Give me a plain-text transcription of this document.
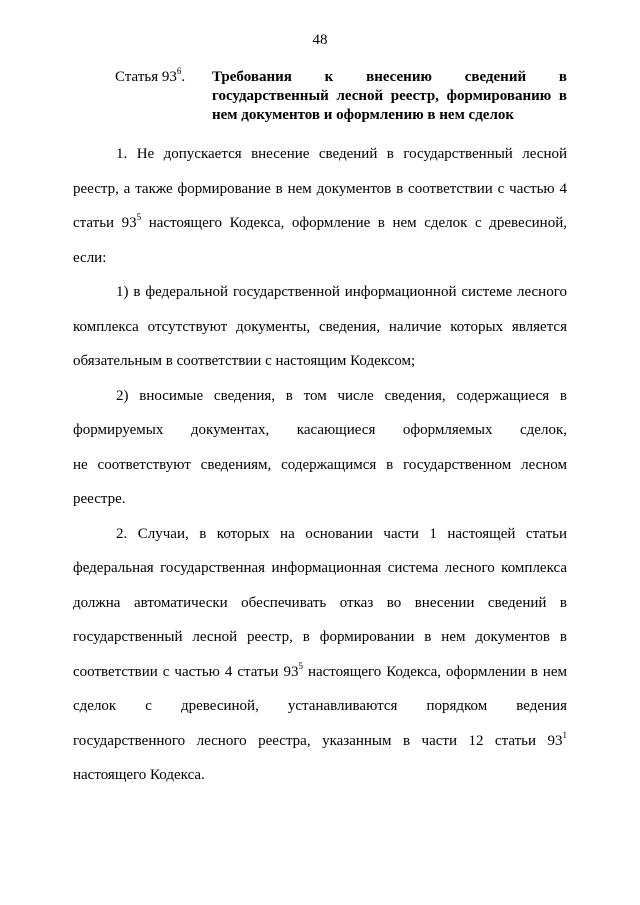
48
Статья $93^6$.	Требования к внесению сведений в государственный лесной реестр, формированию в нем документов и оформлению в нем сделок
1. Не допускается внесение сведений в государственный лесной
реестр, а также формирование в нем документов в соответствии с частью 4
статьи $93^5$ настоящего Кодекса, оформление в нем сделок с древесиной,
если:
1) в федеральной государственной информационной системе лесного
комплекса отсутствуют документы, сведения, наличие которых является
обязательным в соответствии с настоящим Кодексом;
2) вносимые сведения, в том числе сведения, содержащиеся в
формируемых документах, касающиеся оформляемых сделок,
не соответствуют сведениям, содержащимся в государственном лесном
реестре.
2. Случаи, в которых на основании части 1 настоящей статьи
федеральная государственная информационная система лесного комплекса
должна автоматически обеспечивать отказ во внесении сведений в
государственный лесной реестр, в формировании в нем документов в
соответствии с частью 4 статьи $93^5$ настоящего Кодекса, оформлении в нем
сделок с древесиной, устанавливаются порядком ведения
государственного лесного реестра, указанным в части 12 статьи $93^1$
настоящего Кодекса.
